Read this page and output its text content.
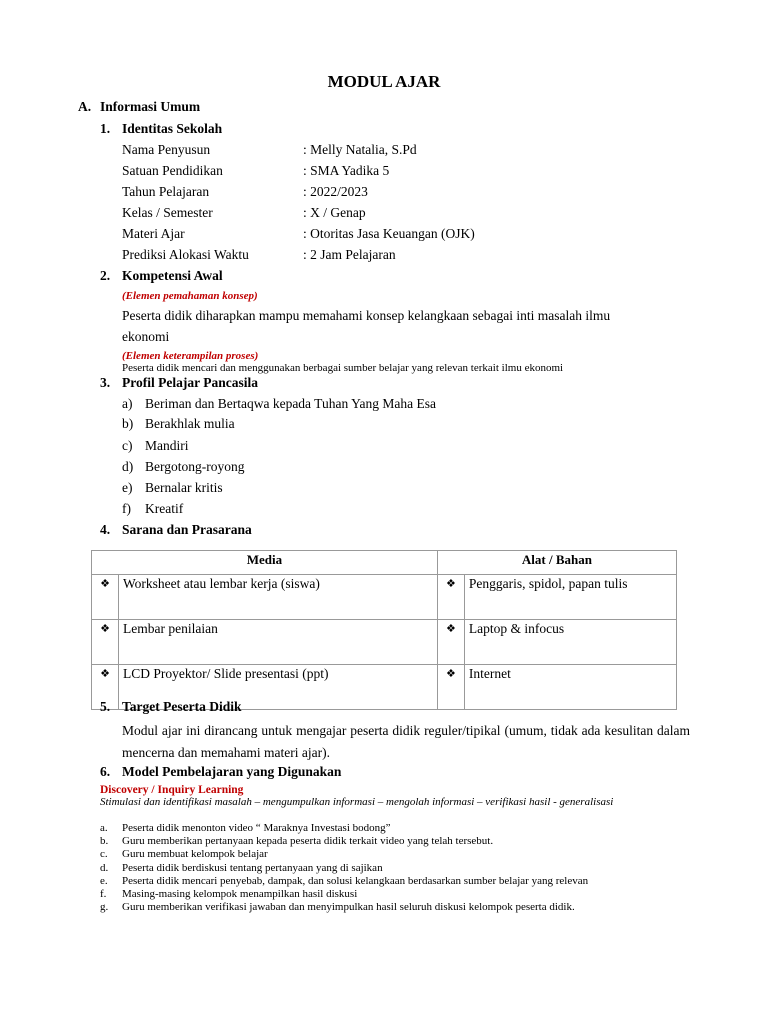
MODUL AJAR
A. Informasi Umum
1. Identitas Sekolah
Nama Penyusun	: Melly Natalia, S.Pd
Satuan Pendidikan	: SMA Yadika 5
Tahun Pelajaran	: 2022/2023
Kelas / Semester	: X / Genap
Materi Ajar	: Otoritas Jasa Keuangan (OJK)
Prediksi Alokasi Waktu	: 2 Jam Pelajaran
2. Kompetensi Awal
(Elemen pemahaman konsep)
Peserta didik diharapkan mampu memahami konsep kelangkaan sebagai inti masalah ilmu
ekonomi
(Elemen keterampilan proses)
Peserta didik mencari dan menggunakan berbagai sumber belajar yang relevan terkait ilmu ekonomi
3. Profil Pelajar Pancasila
a) Beriman dan Bertaqwa kepada Tuhan Yang Maha Esa
b) Berakhlak mulia
c) Mandiri
d) Bergotong-royong
e) Bernalar kritis
f) Kreatif
4. Sarana dan Prasarana
Media		Alat / Bahan	
❖	Worksheet atau lembar kerja (siswa)	❖	Penggaris, spidol, papan tulis
❖	Lembar penilaian	❖	Laptop & infocus
❖	LCD Proyektor/ Slide presentasi (ppt)	❖	Internet
5. Target Peserta Didik
Modul ajar ini dirancang untuk mengajar peserta didik reguler/tipikal (umum, tidak ada kesulitan dalam mencerna dan memahami materi ajar).
6. Model Pembelajaran yang Digunakan
Discovery / Inquiry Learning
Stimulasi dan identifikasi masalah – mengumpulkan informasi – mengolah informasi – verifikasi hasil - generalisasi
a. Peserta didik menonton video “ Maraknya Investasi bodong”
b. Guru memberikan pertanyaan kepada peserta didik terkait video yang telah tersebut.
c. Guru membuat kelompok belajar
d. Peserta didik berdiskusi tentang pertanyaan yang di sajikan
e. Peserta didik mencari penyebab, dampak, dan solusi kelangkaan berdasarkan sumber belajar yang relevan
f. Masing-masing kelompok menampilkan hasil diskusi
g. Guru memberikan verifikasi jawaban dan menyimpulkan hasil seluruh diskusi kelompok peserta didik.
